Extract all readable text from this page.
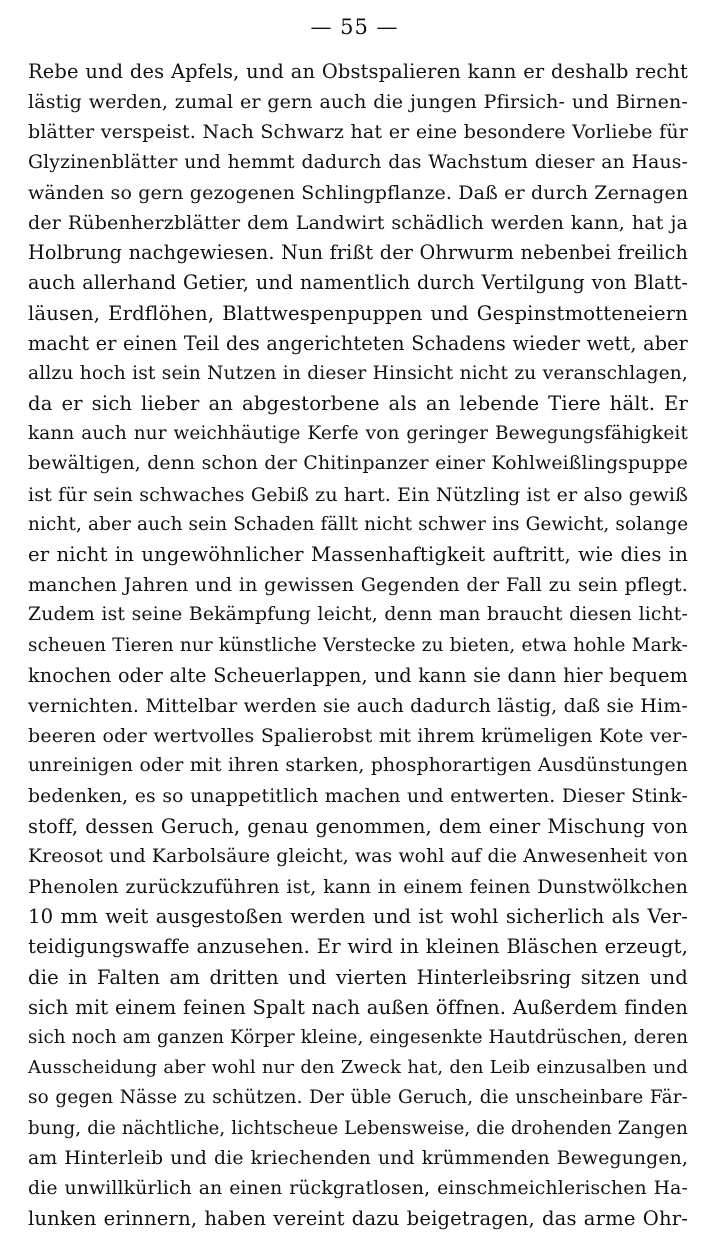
— 55 —
Rebe und des Apfels, und an Obstspalieren kann er deshalb recht
lästig werden, zumal er gern auch die jungen Pfirsich- und Birnen-
blätter verspeist. Nach Schwarz hat er eine besondere Vorliebe für
Glyzinenblätter und hemmt dadurch das Wachstum dieser an Haus-
wänden so gern gezogenen Schlingpflanze. Daß er durch Zernagen
der Rübenherzblätter dem Landwirt schädlich werden kann, hat ja
Holbrung nachgewiesen. Nun frißt der Ohrwurm nebenbei freilich
auch allerhand Getier, und namentlich durch Vertilgung von Blatt-
läusen, Erdflöhen, Blattwespenpuppen und Gespinstmotteneiern
macht er einen Teil des angerichteten Schadens wieder wett, aber
allzu hoch ist sein Nutzen in dieser Hinsicht nicht zu veranschlagen,
da er sich lieber an abgestorbene als an lebende Tiere hält. Er
kann auch nur weichhäutige Kerfe von geringer Bewegungsfähigkeit
bewältigen, denn schon der Chitinpanzer einer Kohlweißlingspuppe
ist für sein schwaches Gebiß zu hart. Ein Nützling ist er also gewiß
nicht, aber auch sein Schaden fällt nicht schwer ins Gewicht, solange
er nicht in ungewöhnlicher Massenhaftigkeit auftritt, wie dies in
manchen Jahren und in gewissen Gegenden der Fall zu sein pflegt.
Zudem ist seine Bekämpfung leicht, denn man braucht diesen licht-
scheuen Tieren nur künstliche Verstecke zu bieten, etwa hohle Mark-
knochen oder alte Scheuerlappen, und kann sie dann hier bequem
vernichten. Mittelbar werden sie auch dadurch lästig, daß sie Him-
beeren oder wertvolles Spalierobst mit ihrem krümeligen Kote ver-
unreinigen oder mit ihren starken, phosphorartigen Ausdünstungen
bedenken, es so unappetitlich machen und entwerten. Dieser Stink-
stoff, dessen Geruch, genau genommen, dem einer Mischung von
Kreosot und Karbolsäure gleicht, was wohl auf die Anwesenheit von
Phenolen zurückzuführen ist, kann in einem feinen Dunstwölkchen
10 mm weit ausgestoßen werden und ist wohl sicherlich als Ver-
teidigungswaffe anzusehen. Er wird in kleinen Bläschen erzeugt,
die in Falten am dritten und vierten Hinterleibsring sitzen und
sich mit einem feinen Spalt nach außen öffnen. Außerdem finden
sich noch am ganzen Körper kleine, eingesenkte Hautdrüschen, deren
Ausscheidung aber wohl nur den Zweck hat, den Leib einzusalben und
so gegen Nässe zu schützen. Der üble Geruch, die unscheinbare Fär-
bung, die nächtliche, lichtscheue Lebensweise, die drohenden Zangen
am Hinterleib und die kriechenden und krümmenden Bewegungen,
die unwillkürlich an einen rückgratlosen, einschmeichlerischen Ha-
lunken erinnern, haben vereint dazu beigetragen, das arme Ohr-
